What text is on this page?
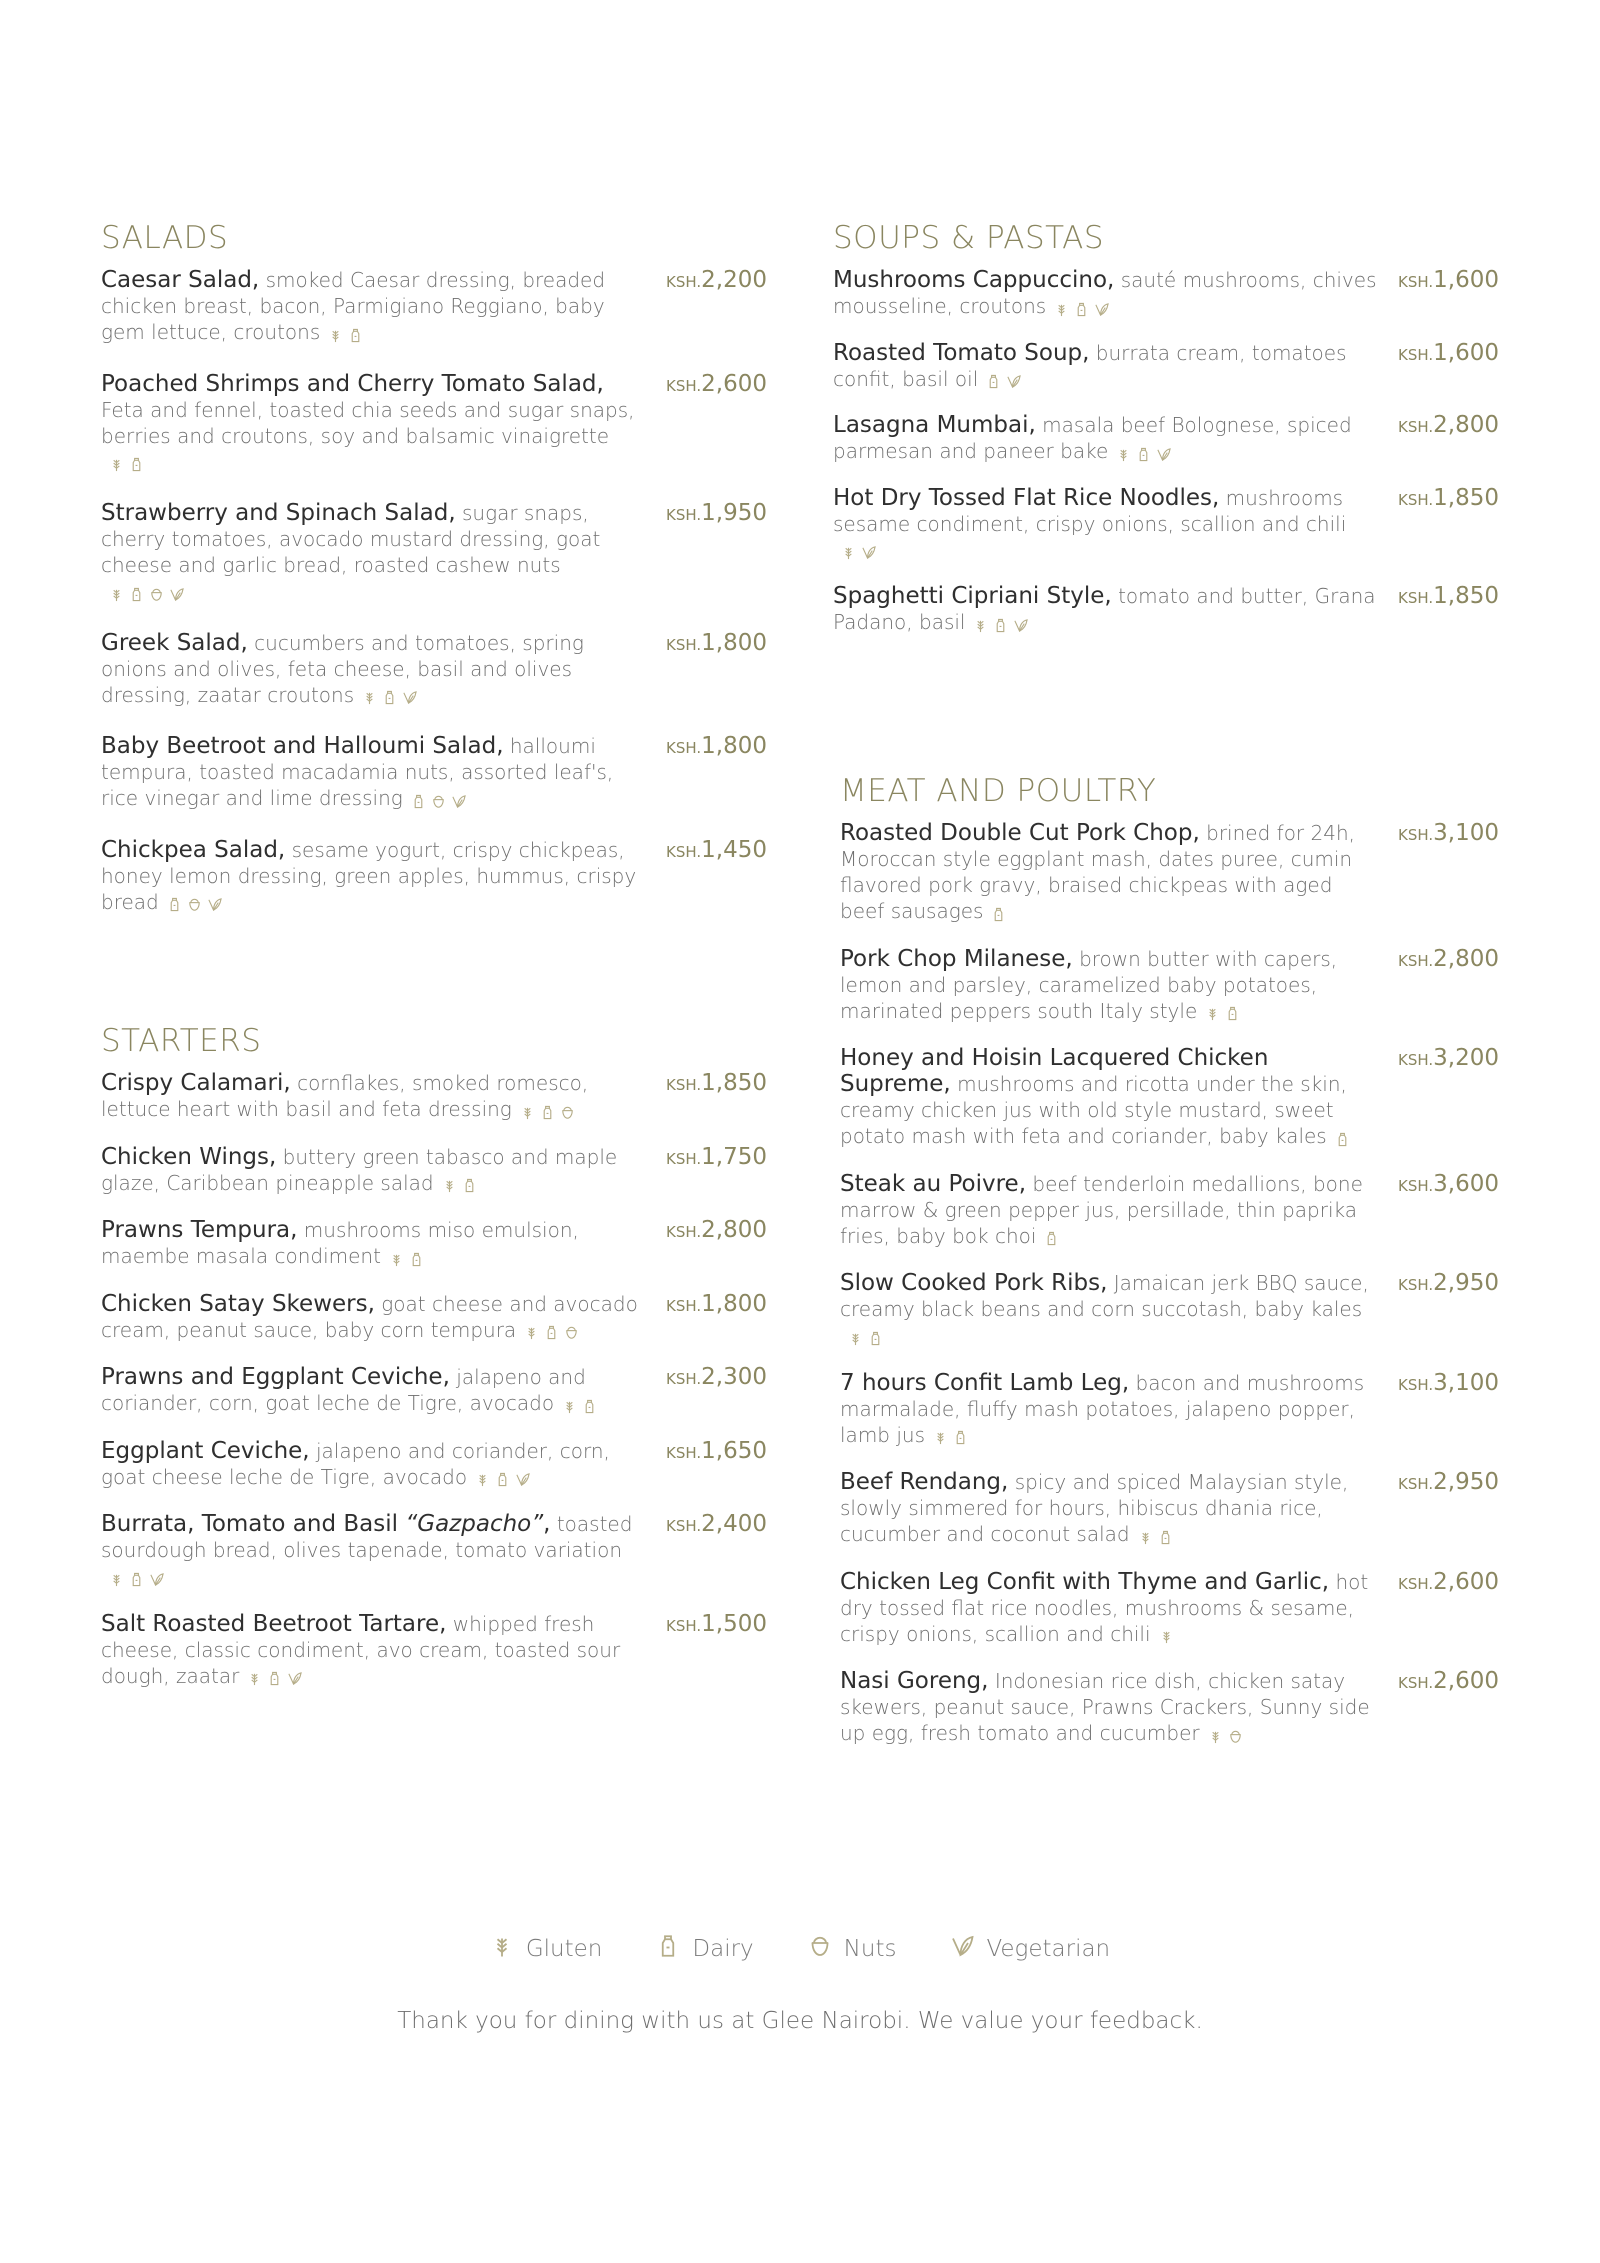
SALADS
Caesar Salad, smoked Caesar dressing, breaded chicken breast, bacon, Parmigiano Reggiano, baby gem lettuce, croutons
KSH.2,200
Poached Shrimps and Cherry Tomato Salad, Feta and fennel, toasted chia seeds and sugar snaps, berries and croutons, soy and balsamic vinaigrette
KSH.2,600
Strawberry and Spinach Salad, sugar snaps, cherry tomatoes, avocado mustard dressing, goat cheese and garlic bread, roasted cashew nuts
KSH.1,950
Greek Salad, cucumbers and tomatoes, spring onions and olives, feta cheese, basil and olives dressing, zaatar croutons
KSH.1,800
Baby Beetroot and Halloumi Salad, halloumi tempura, toasted macadamia nuts, assorted leaf's, rice vinegar and lime dressing
KSH.1,800
Chickpea Salad, sesame yogurt, crispy chickpeas, honey lemon dressing, green apples, hummus, crispy bread
KSH.1,450
STARTERS
Crispy Calamari, cornflakes, smoked romesco, lettuce heart with basil and feta dressing
KSH.1,850
Chicken Wings, buttery green tabasco and maple glaze, Caribbean pineapple salad
KSH.1,750
Prawns Tempura, mushrooms miso emulsion, maembe masala condiment
KSH.2,800
Chicken Satay Skewers, goat cheese and avocado cream, peanut sauce, baby corn tempura
KSH.1,800
Prawns and Eggplant Ceviche, jalapeno and coriander, corn, goat leche de Tigre, avocado
KSH.2,300
Eggplant Ceviche, jalapeno and coriander, corn, goat cheese leche de Tigre, avocado
KSH.1,650
Burrata, Tomato and Basil “Gazpacho”, toasted sourdough bread, olives tapenade, tomato variation
KSH.2,400
Salt Roasted Beetroot Tartare, whipped fresh cheese, classic condiment, avo cream, toasted sour dough, zaatar
KSH.1,500
SOUPS & PASTAS
Mushrooms Cappuccino, sauté mushrooms, chives mousseline, croutons
KSH.1,600
Roasted Tomato Soup, burrata cream, tomatoes confit, basil oil
KSH.1,600
Lasagna Mumbai, masala beef Bolognese, spiced parmesan and paneer bake
KSH.2,800
Hot Dry Tossed Flat Rice Noodles, mushrooms sesame condiment, crispy onions, scallion and chili
KSH.1,850
Spaghetti Cipriani Style, tomato and butter, Grana Padano, basil
KSH.1,850
MEAT AND POULTRY
Roasted Double Cut Pork Chop, brined for 24h, Moroccan style eggplant mash, dates puree, cumin flavored pork gravy, braised chickpeas with aged beef sausages
KSH.3,100
Pork Chop Milanese, brown butter with capers, lemon and parsley, caramelized baby potatoes, marinated peppers south Italy style
KSH.2,800
Honey and Hoisin Lacquered Chicken Supreme, mushrooms and ricotta under the skin, creamy chicken jus with old style mustard, sweet potato mash with feta and coriander, baby kales
KSH.3,200
Steak au Poivre, beef tenderloin medallions, bone marrow & green pepper jus, persillade, thin paprika fries, baby bok choi
KSH.3,600
Slow Cooked Pork Ribs, Jamaican jerk BBQ sauce, creamy black beans and corn succotash, baby kales
KSH.2,950
7 hours Confit Lamb Leg, bacon and mushrooms marmalade, fluffy mash potatoes, jalapeno popper, lamb jus
KSH.3,100
Beef Rendang, spicy and spiced Malaysian style, slowly simmered for hours, hibiscus dhania rice, cucumber and coconut salad
KSH.2,950
Chicken Leg Confit with Thyme and Garlic, hot dry tossed flat rice noodles, mushrooms & sesame, crispy onions, scallion and chili
KSH.2,600
Nasi Goreng, Indonesian rice dish, chicken satay skewers, peanut sauce, Prawns Crackers, Sunny side up egg, fresh tomato and cucumber
KSH.2,600
Gluten	Dairy	Nuts	Vegetarian
Thank you for dining with us at Glee Nairobi. We value your feedback.
